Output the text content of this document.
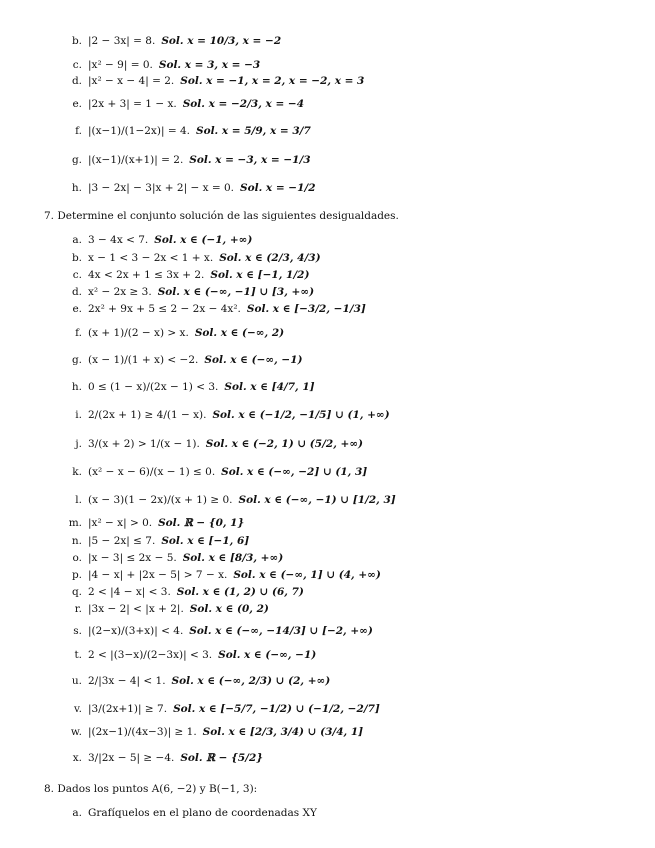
b. |2 − 3x| = 8. Sol. x = 10/3, x = −2
c. |x² − 9| = 0. Sol. x = 3, x = −3
d. |x² − x − 4| = 2. Sol. x = −1, x = 2, x = −2, x = 3
e. |2x + 3| = 1 − x. Sol. x = −2/3, x = −4
f. |(x−1)/(1−2x)| = 4. Sol. x = 5/9, x = 3/7
g. |(x−1)/(x+1)| = 2. Sol. x = −3, x = −1/3
h. |3 − 2x| − 3|x + 2| − x = 0. Sol. x = −1/2
7. Determine el conjunto solución de las siguientes desigualdades.
a. 3 − 4x < 7. Sol. x ∈ (−1, +∞)
b. x − 1 < 3 − 2x < 1 + x. Sol. x ∈ (2/3, 4/3)
c. 4x < 2x + 1 ≤ 3x + 2. Sol. x ∈ [−1, 1/2)
d. x² − 2x ≥ 3. Sol. x ∈ (−∞, −1] ∪ [3, +∞)
e. 2x² + 9x + 5 ≤ 2 − 2x − 4x². Sol. x ∈ [−3/2, −1/3]
f. (x + 1)/(2 − x) > x. Sol. x ∈ (−∞, 2)
g. (x − 1)/(1 + x) < −2. Sol. x ∈ (−∞, −1)
h. 0 ≤ (1 − x)/(2x − 1) < 3. Sol. x ∈ [4/7, 1]
i. 2/(2x + 1) ≥ 4/(1 − x). Sol. x ∈ (−1/2, −1/5] ∪ (1, +∞)
j. 3/(x + 2) > 1/(x − 1). Sol. x ∈ (−2, 1) ∪ (5/2, +∞)
k. (x² − x − 6)/(x − 1) ≤ 0. Sol. x ∈ (−∞, −2] ∪ (1, 3]
l. (x − 3)(1 − 2x)/(x + 1) ≥ 0. Sol. x ∈ (−∞, −1) ∪ [1/2, 3]
m. |x² − x| > 0. Sol. ℝ − {0, 1}
n. |5 − 2x| ≤ 7. Sol. x ∈ [−1, 6]
o. |x − 3| ≤ 2x − 5. Sol. x ∈ [8/3, +∞)
p. |4 − x| + |2x − 5| > 7 − x. Sol. x ∈ (−∞, 1] ∪ (4, +∞)
q. 2 < |4 − x| < 3. Sol. x ∈ (1, 2) ∪ (6, 7)
r. |3x − 2| < |x + 2|. Sol. x ∈ (0, 2)
s. |(2−x)/(3+x)| < 4. Sol. x ∈ (−∞, −14/3] ∪ [−2, +∞)
t. 2 < |(3−x)/(2−3x)| < 3. Sol. x ∈ (−∞, −1)
u. 2/|3x − 4| < 1. Sol. x ∈ (−∞, 2/3) ∪ (2, +∞)
v. |3/(2x+1)| ≥ 7. Sol. x ∈ [−5/7, −1/2) ∪ (−1/2, −2/7]
w. |(2x−1)/(4x−3)| ≥ 1. Sol. x ∈ [2/3, 3/4) ∪ (3/4, 1]
x. 3/|2x − 5| ≥ −4. Sol. ℝ − {5/2}
8. Dados los puntos A(6, −2) y B(−1, 3):
a. Grafíquelos en el plano de coordenadas XY
